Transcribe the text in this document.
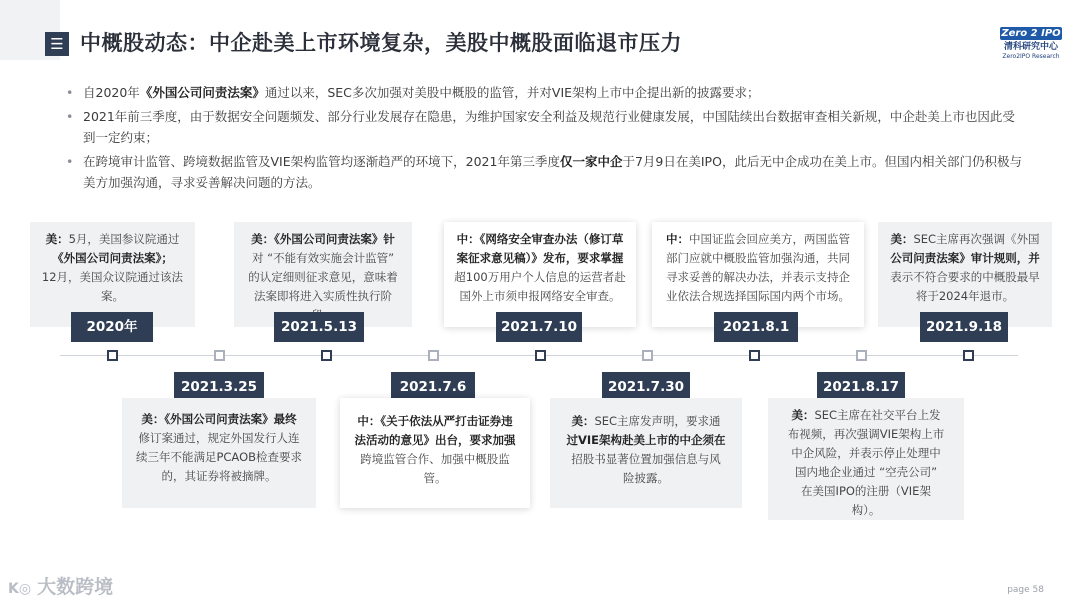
☰ 中概股动态：中企赴美上市环境复杂，美股中概股面临退市压力	Zero 2 IPO
清科研究中心
Zero2IPO Research
• 自2020年《外国公司问责法案》通过以来，SEC多次加强对美股中概股的监管，并对VIE架构上市中企提出新的披露要求；
• 2021年前三季度，由于数据安全问题频发、部分行业发展存在隐患，为维护国家安全利益及规范行业健康发展，中国陆续出台数据审查相关新规，中企赴美上市也因此受到一定约束；
• 在跨境审计监管、跨境数据监管及VIE架构监管均逐渐趋严的环境下，2021年第三季度仅一家中企于7月9日在美IPO，此后无中企成功在美上市。但国内相关部门仍积极与美方加强沟通，寻求妥善解决问题的方法。
美：5月，美国参议院通过
《外国公司问责法案》；
12月，美国众议院通过该法案。
2020年
美：《外国公司问责法案》针
对 “不能有效实施会计监管”
的认定细则征求意见，意味着
法案即将进入实质性执行阶
2021.5.13
中：《网络安全审查办法（修订草
案征求意见稿）》发布，要求掌握
超100万用户个人信息的运营者赴
国外上市须申报网络安全审查。
2021.7.10
中：中国证监会回应美方，两国监管
部门应就中概股监管加强沟通，共同
寻求妥善的解决办法，并表示支持企
业依法合规选择国际国内两个市场。
2021.8.1
美：SEC主席再次强调《外国
公司问责法案》审计规则，并表示不符合要求的中概股最早
将于2024年退市。
2021.9.18
2021.3.25
美：《外国公司问责法案》最终
修订案通过，规定外国发行人连
续三年不能满足PCAOB检查要求
的，其证券将被摘牌。
2021.7.6
中：《关于依法从严打击证券违
法活动的意见》出台，要求加强
跨境监管合作、加强中概股监
管。
2021.7.30
美：SEC主席发声明，要求通
过VIE架构赴美上市的中企须在
招股书显著位置加强信息与风
险披露。
2021.8.17
美：SEC主席在社交平台上发
布视频，再次强调VIE架构上市
中企风险，并表示停止处理中
国内地企业通过 “空壳公司”
在美国IPO的注册（VIE架
构）。
K◎ 大数跨境	page 58
